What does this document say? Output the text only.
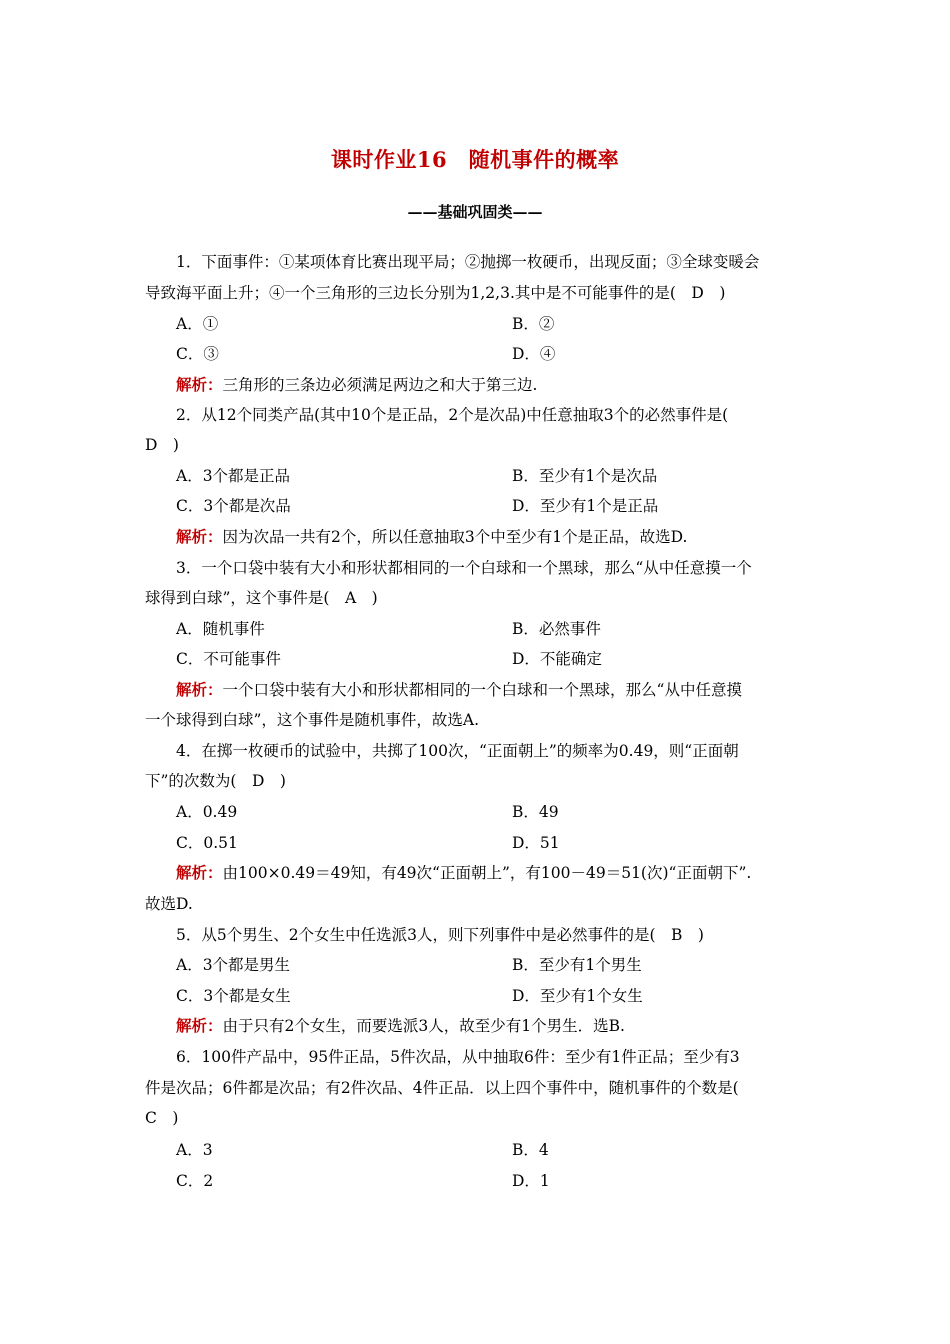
课时作业16　随机事件的概率
——基础巩固类——
1．下面事件：①某项体育比赛出现平局；②抛掷一枚硬币，出现反面；③全球变暖会
导致海平面上升；④一个三角形的三边长分别为1,2,3.其中是不可能事件的是(　D　)
A．①	B．②
C．③	D．④
解析：三角形的三条边必须满足两边之和大于第三边.
2．从12个同类产品(其中10个是正品，2个是次品)中任意抽取3个的必然事件是(
D　)
A．3个都是正品	B．至少有1个是次品
C．3个都是次品	D．至少有1个是正品
解析：因为次品一共有2个，所以任意抽取3个中至少有1个是正品，故选D.
3．一个口袋中装有大小和形状都相同的一个白球和一个黑球，那么“从中任意摸一个
球得到白球”，这个事件是(　A　)
A．随机事件	B．必然事件
C．不可能事件	D．不能确定
解析：一个口袋中装有大小和形状都相同的一个白球和一个黑球，那么“从中任意摸
一个球得到白球”，这个事件是随机事件，故选A.
4．在掷一枚硬币的试验中，共掷了100次，“正面朝上”的频率为0.49，则“正面朝
下”的次数为(　D　)
A．0.49	B．49
C．0.51	D．51
解析：由100×0.49＝49知，有49次“正面朝上”，有100－49＝51(次)“正面朝下”.
故选D.
5．从5个男生、2个女生中任选派3人，则下列事件中是必然事件的是(　B　)
A．3个都是男生	B．至少有1个男生
C．3个都是女生	D．至少有1个女生
解析：由于只有2个女生，而要选派3人，故至少有1个男生．选B.
6．100件产品中，95件正品，5件次品，从中抽取6件：至少有1件正品；至少有3
件是次品；6件都是次品；有2件次品、4件正品．以上四个事件中，随机事件的个数是(
C　)
A．3	B．4
C．2	D．1
